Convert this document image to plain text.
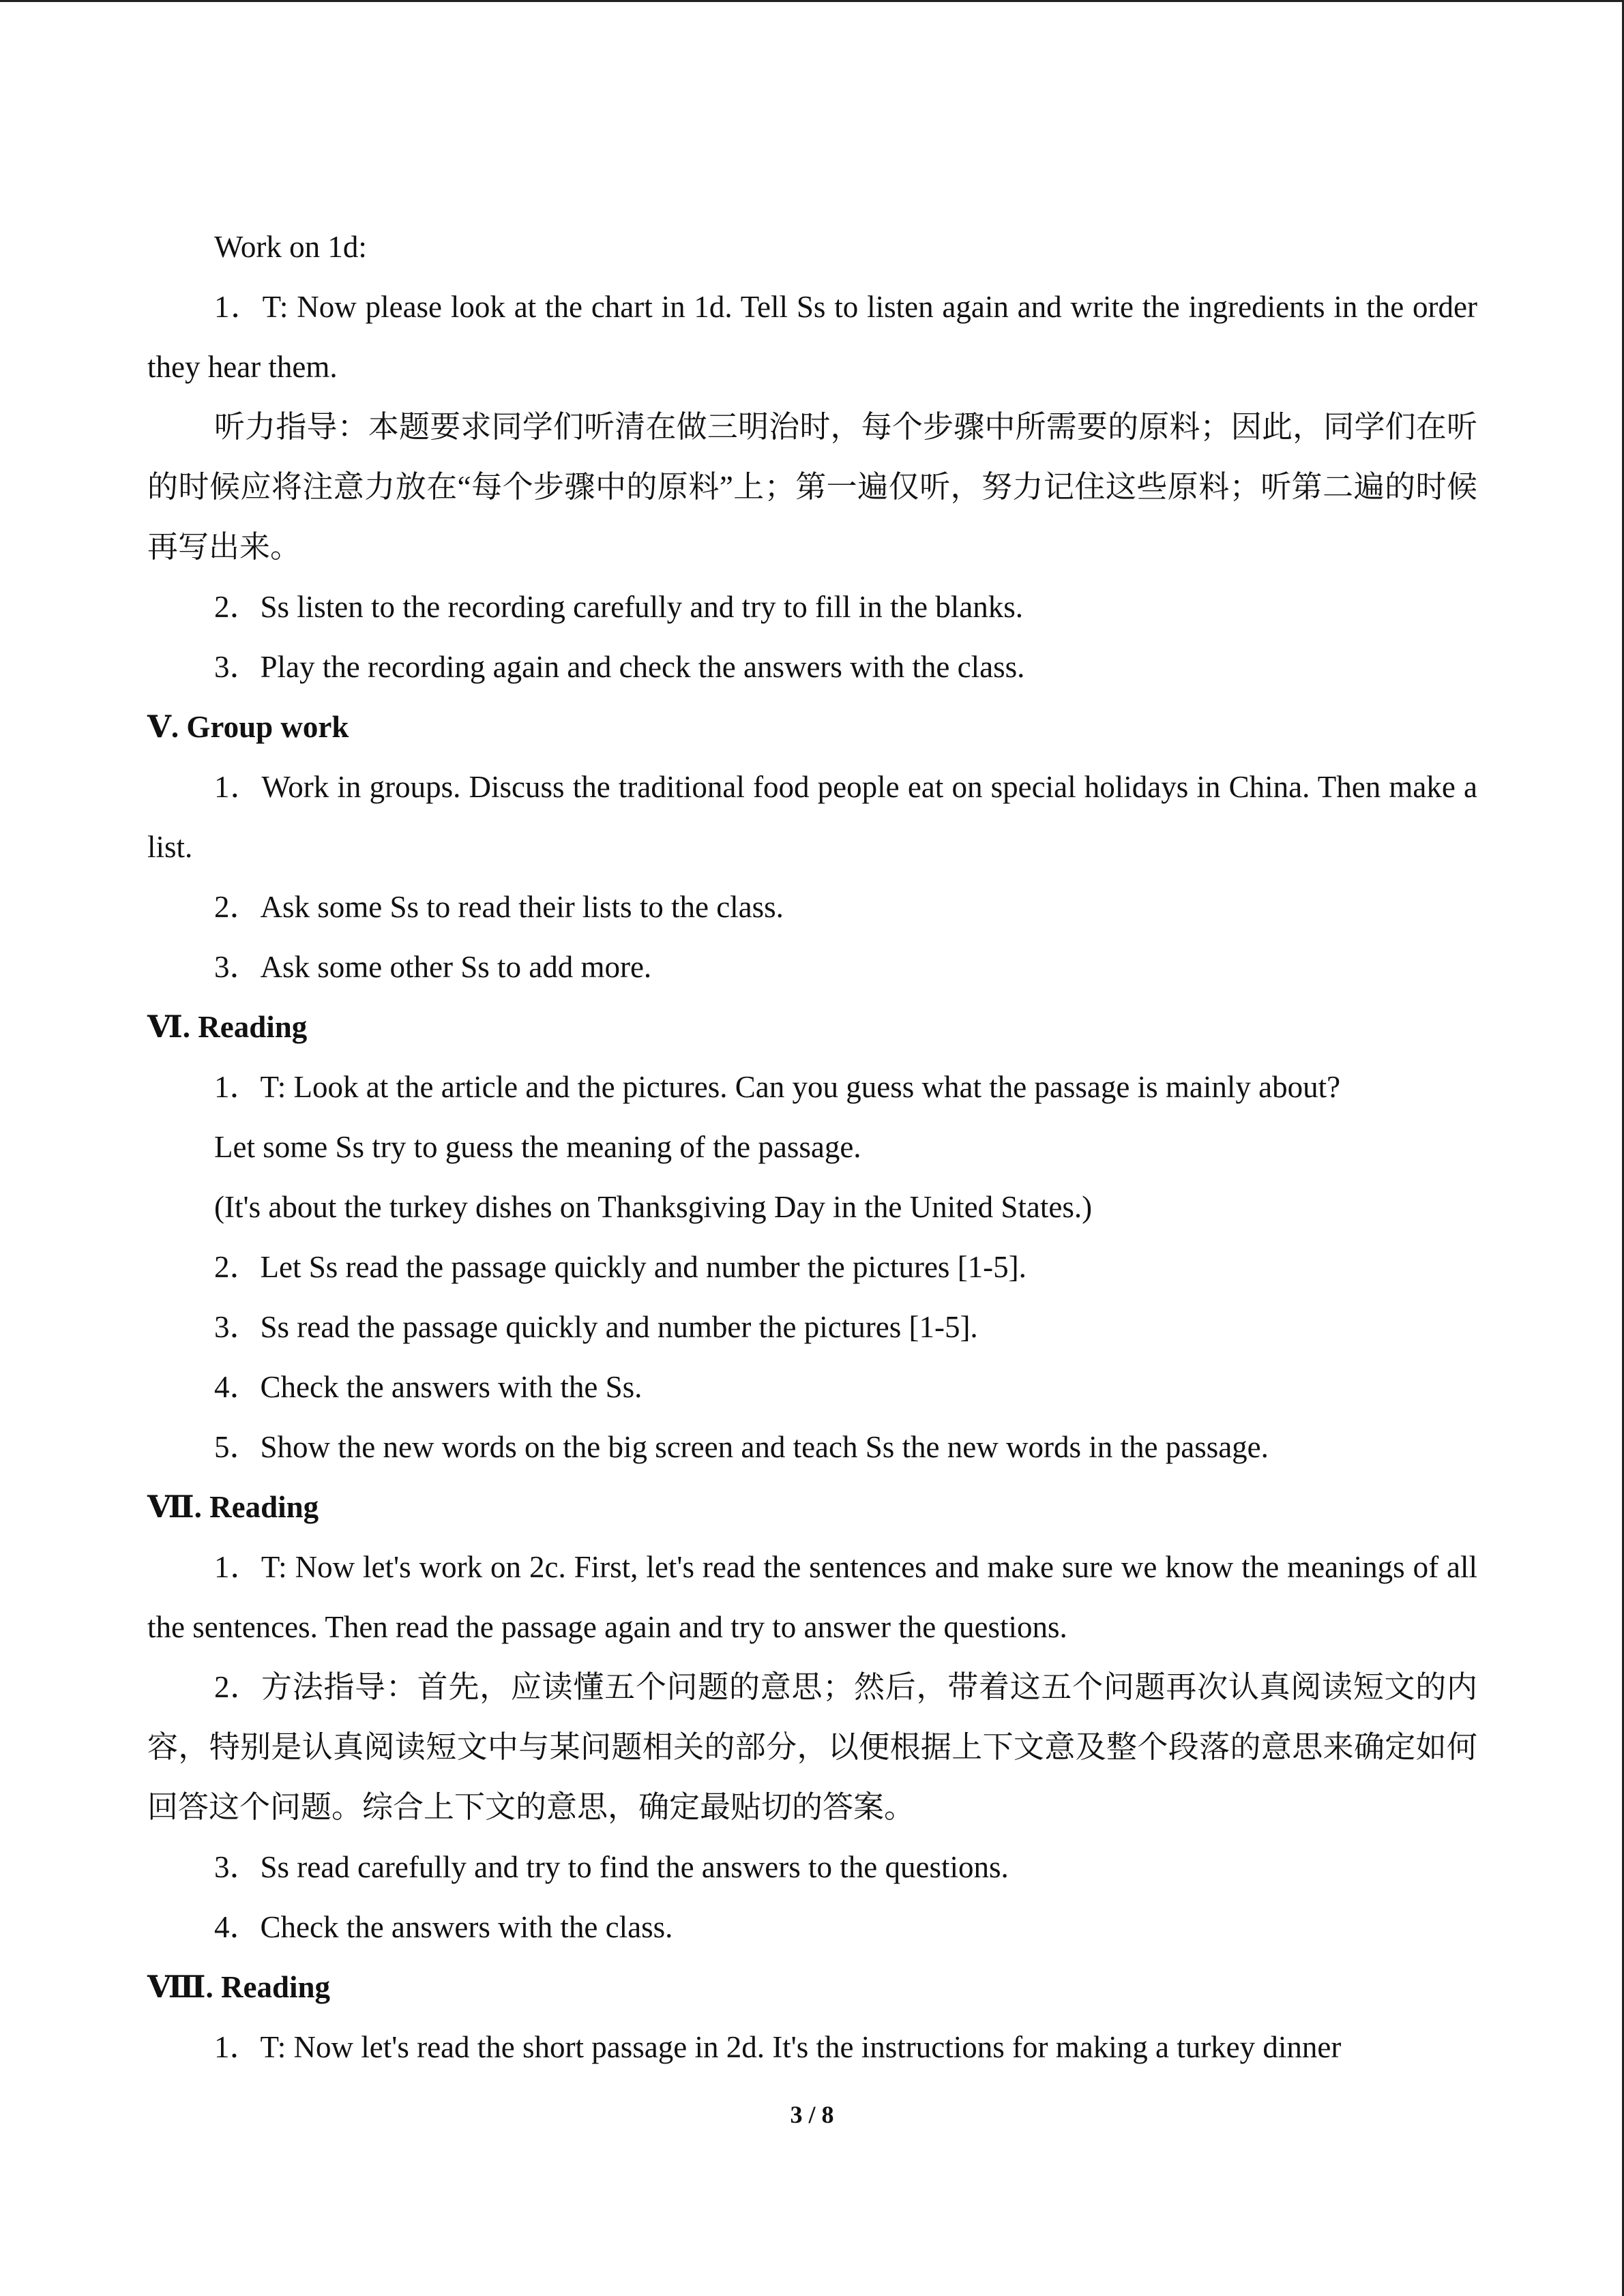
Work on 1d:

1．T: Now please look at the chart in 1d. Tell Ss to listen again and write the ingredients in the order they hear them.

听力指导：本题要求同学们听清在做三明治时，每个步骤中所需要的原料；因此，同学们在听的时候应将注意力放在“每个步骤中的原料”上；第一遍仅听，努力记住这些原料；听第二遍的时候再写出来。

2．Ss listen to the recording carefully and try to fill in the blanks.

3．Play the recording again and check the answers with the class.

Ⅴ. Group work

1．Work in groups. Discuss the traditional food people eat on special holidays in China. Then make a list.

2．Ask some Ss to read their lists to the class.

3．Ask some other Ss to add more.

Ⅵ. Reading

1．T: Look at the article and the pictures. Can you guess what the passage is mainly about?

Let some Ss try to guess the meaning of the passage.

(It's about the turkey dishes on Thanksgiving Day in the United States.)

2．Let Ss read the passage quickly and number the pictures [1-5].

3．Ss read the passage quickly and number the pictures [1-5].

4．Check the answers with the Ss.

5．Show the new words on the big screen and teach Ss the new words in the passage.

Ⅶ. Reading

1．T: Now let's work on 2c. First, let's read the sentences and make sure we know the meanings of all the sentences. Then read the passage again and try to answer the questions.

2．方法指导：首先，应读懂五个问题的意思；然后，带着这五个问题再次认真阅读短文的内容，特别是认真阅读短文中与某问题相关的部分，以便根据上下文意及整个段落的意思来确定如何回答这个问题。综合上下文的意思，确定最贴切的答案。

3．Ss read carefully and try to find the answers to the questions.

4．Check the answers with the class.

Ⅷ. Reading

1．T: Now let's read the short passage in 2d. It's the instructions for making a turkey dinner

3 / 8
